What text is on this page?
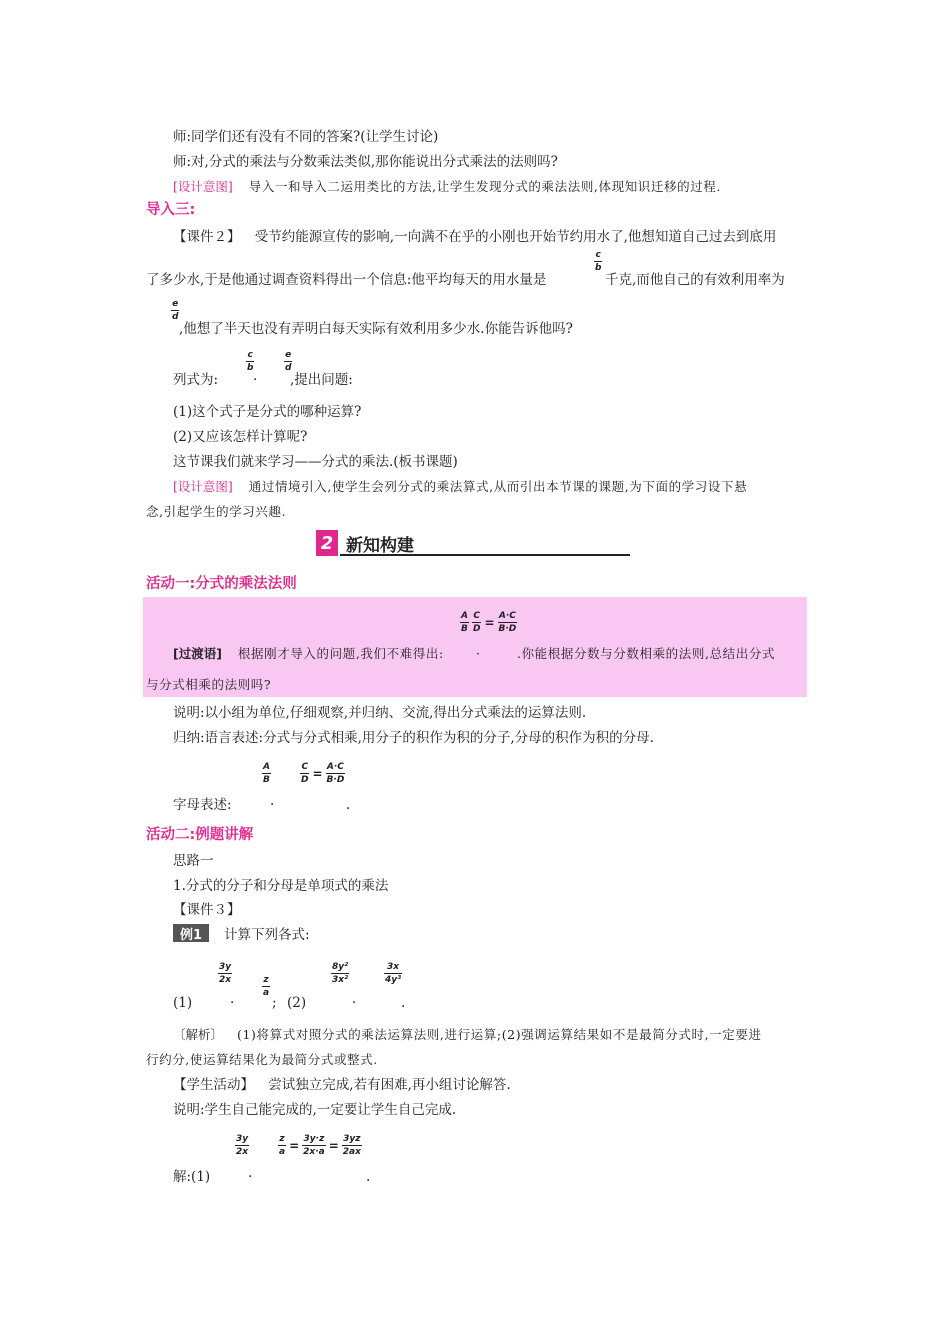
师:同学们还有没有不同的答案?(让学生讨论)
师:对,分式的乘法与分数乘法类似,那你能说出分式乘法的法则吗?
[设计意图] 导入一和导入二运用类比的方法,让学生发现分式的乘法法则,体现知识迁移的过程.
导入三:
【课件２】 受节约能源宣传的影响,一向满不在乎的小刚也开始节约用水了,他想知道自己过去到底用
了多少水,于是他通过调查资料得出一个信息:他平均每天的用水量是
c
b
千克,而他自己的有效利用率为
e
d
,他想了半天也没有弄明白每天实际有效利用多少水.你能告诉他吗?
c
b
e
d
列式为:	· ,提出问题:
(1)这个式子是分式的哪种运算?
(2)又应该怎样计算呢?
这节课我们就来学习——分式的乘法.(板书课题)
[设计意图] 通过情境引入,使学生会列分式的乘法算式,从而引出本节课的课题,为下面的学习设下悬
念,引起学生的学习兴趣.
2 新知构建
活动一:分式的乘法法则
$\frac{A}{B} \frac{C}{D} = \frac{A\cdot C}{B\cdot D}$
[过渡语] 根据刚才导入的问题,我们不难得出:	·	.你能根据分数与分数相乘的法则,总结出分式
与分式相乘的法则吗?
说明:以小组为单位,仔细观察,并归纳、交流,得出分式乘法的运算法则.
归纳:语言表述:分式与分式相乘,用分子的积作为积的分子,分母的积作为积的分母.
A
B	$\frac{C}{D} = \frac{A\cdot C}{B\cdot D}$
字母表述:	·	.
活动二:例题讲解
思路一
1.分式的分子和分母是单项式的乘法
【课件３】
例1	计算下列各式:
3y
2x	z
a
8y²
3x²
3x
4y³
(1)	·	; (2)	·	.
〔解析〕 (1)将算式对照分式的乘法运算法则,进行运算;(2)强调运算结果如不是最简分式时,一定要进
行约分,使运算结果化为最简分式或整式.
【学生活动】 尝试独立完成,若有困难,再小组讨论解答.
说明:学生自己能完成的,一定要让学生自己完成.
3y
2x	$\frac{z}{a} = \frac{3y\cdot z}{2x\cdot a} = \frac{3yz}{2ax}$
解:(1)	·	.
